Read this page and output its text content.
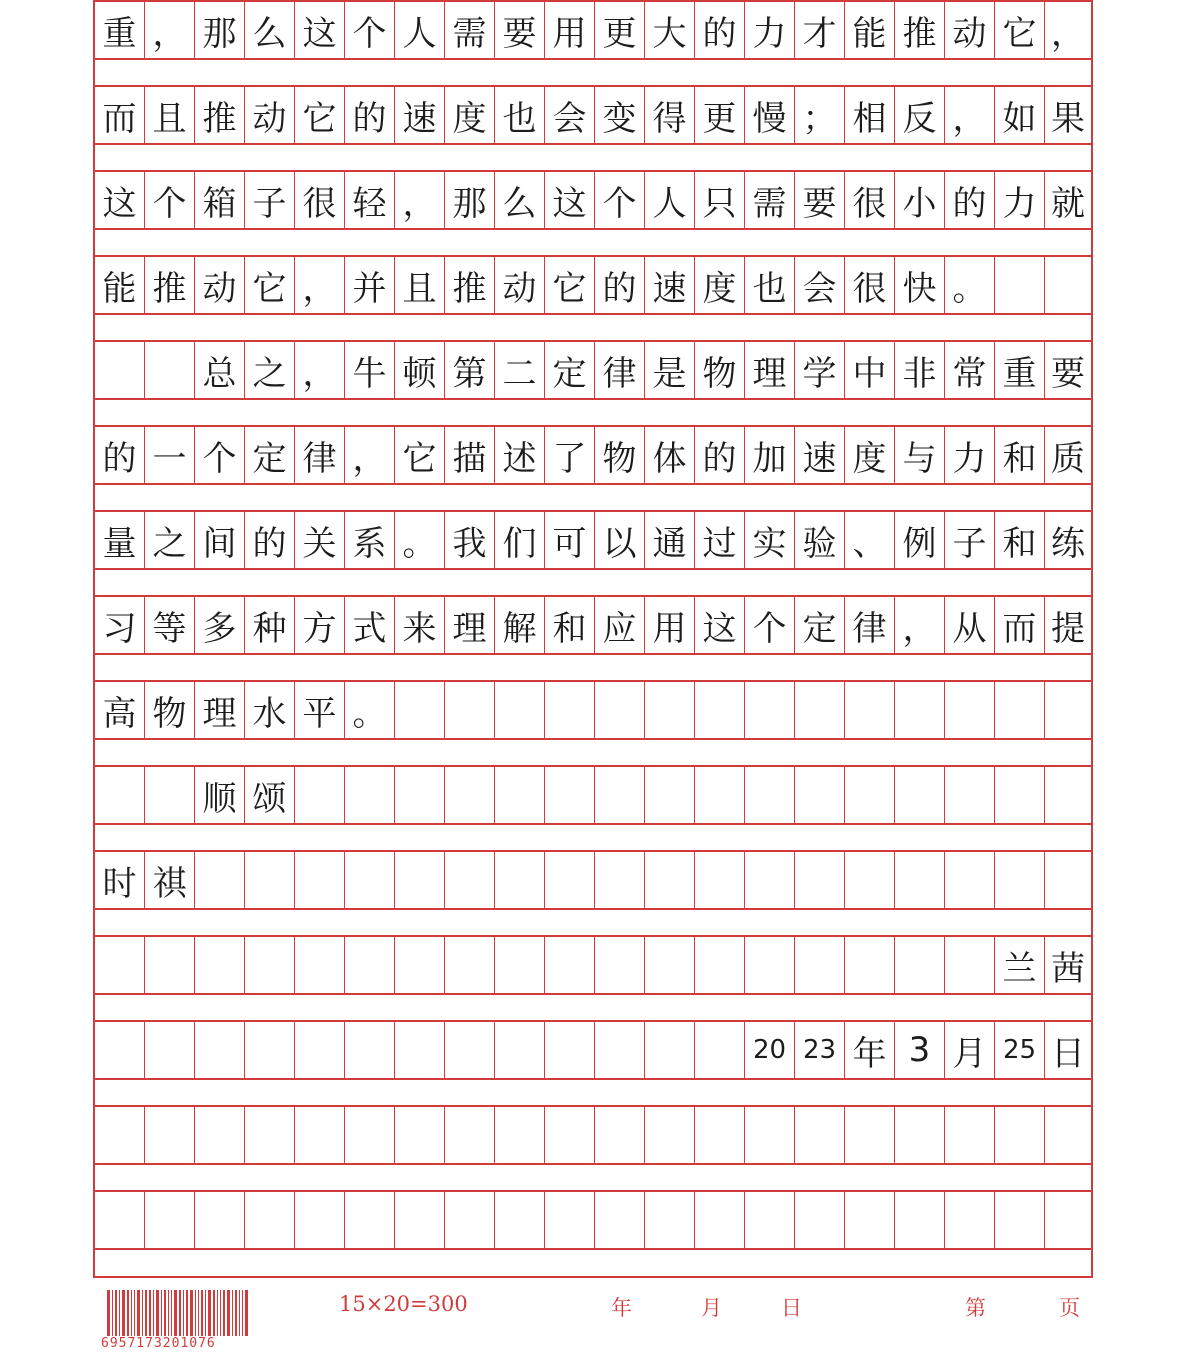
重 ， 那 么 这 个 人 需 要 用 更 大 的 力 才 能 推 动 它 ，
而 且 推 动 它 的 速 度 也 会 变 得 更 慢 ； 相 反 ， 如 果
这 个 箱 子 很 轻 ， 那 么 这 个 人 只 需 要 很 小 的 力 就
能 推 动 它 ， 并 且 推 动 它 的 速 度 也 会 很 快 。
总 之 ， 牛 顿 第 二 定 律 是 物 理 学 中 非 常 重 要
的 一 个 定 律 ， 它 描 述 了 物 体 的 加 速 度 与 力 和 质
量 之 间 的 关 系 。 我 们 可 以 通 过 实 验 、 例 子 和 练
习 等 多 种 方 式 来 理 解 和 应 用 这 个 定 律 ， 从 而 提
高 物 理 水 平 。
顺 颂
时 祺
兰 茜
20 23 年 3 月 25 日
6957173201076
15×20=300	年	月	日	第	页
